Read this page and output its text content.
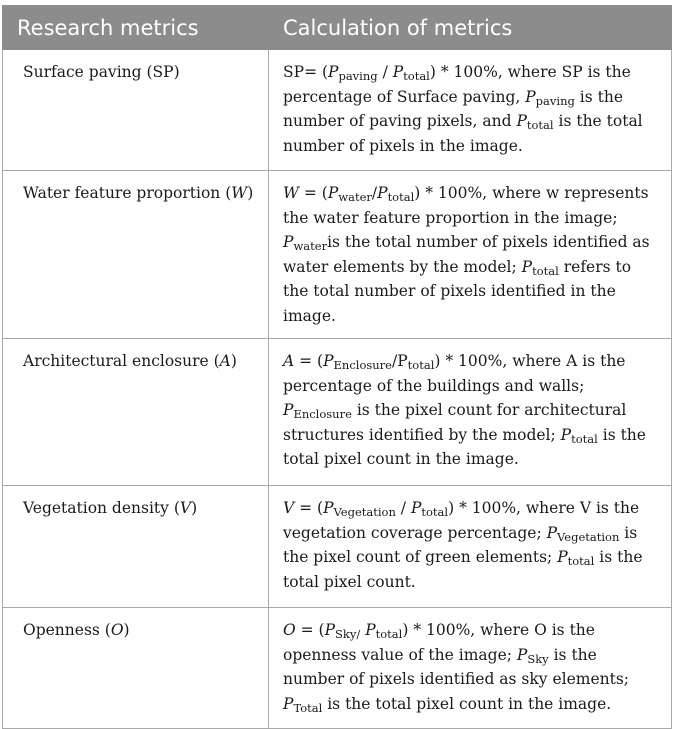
Research metrics	Calculation of metrics
Surface paving (SP)	$SP= (P_{paving} / P_{total}) * 100\%$, where SP is the percentage of Surface paving, $P_{paving}$ is the number of paving pixels, and $P_{total}$ is the total number of pixels in the image.
Water feature proportion (W)	$W = (P_{water}/P_{total}) * 100\%$, where w represents the water feature proportion in the image; $P_{water}is$ the total number of pixels identified as water elements by the model; $P_{total}$ refers to the total number of pixels identified in the image.
Architectural enclosure (A)	$A = (P_{Enclosure}/P_{total}) * 100\%$, where A is the percentage of the buildings and walls; $P_{Enclosure}$ is the pixel count for architectural structures identified by the model; $P_{total}$ is the total pixel count in the image.
Vegetation density (V)	$V = (P_{Vegetation} / P_{total}) * 100\%$, where V is the vegetation coverage percentage; $P_{Vegetation}$ is the pixel count of green elements; $P_{total}$ is the total pixel count.
Openness (O)	$O = (P_{Sky/}$ $P_{total}) * 100\%$, where O is the openness value of the image; $P_{Sky}$ is the number of pixels identified as sky elements; $P_{Total}$ is the total pixel count in the image.
